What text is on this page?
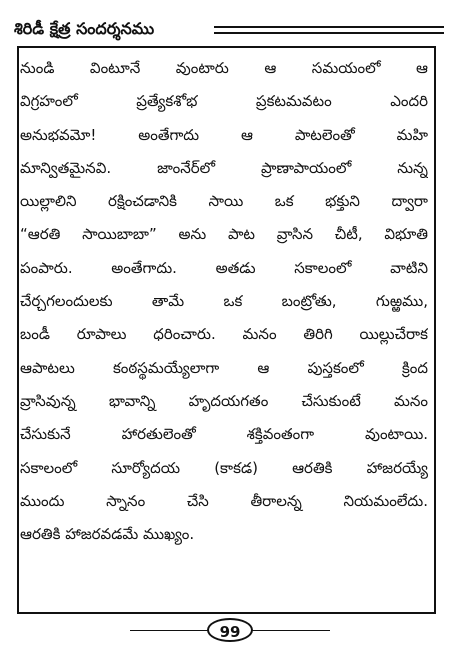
శిరిడీ క్షేత్ర సందర్శనము
నుండి వింటూనే వుంటారు ఆ సమయంలో ఆ
విగ్రహంలో ప్రత్యేకశోభ ప్రకటమవటం ఎందరి
అనుభవమో! అంతేగాదు ఆ పాటలెంతో మహి
మాన్వితమైనవి. జాంనేర్‌లో ప్రాణాపాయంలో నున్న
యిల్లాలిని రక్షించడానికి సాయి ఒక భక్తుని ద్వారా
“ఆరతి సాయిబాబా” అను పాట వ్రాసిన చీటీ, విభూతి
పంపారు. అంతేగాదు. అతడు సకాలంలో వాటిని
చేర్చగలందులకు తామే ఒక బంట్రోతు, గుఱ్ఱము,
బండీ రూపాలు ధరించారు. మనం తిరిగి యిల్లుచేరాక
ఆపాటలు కంఠస్థమయ్యేలాగా ఆ పుస్తకంలో క్రింద
వ్రాసివున్న భావాన్ని హృదయగతం చేసుకుంటే మనం
చేసుకునే హారతులెంతో శక్తివంతంగా వుంటాయి.
సకాలంలో సూర్యోదయ (కాకడ) ఆరతికి హాజరయ్యే
ముందు స్నానం చేసి తీరాలన్న నియమంలేదు.
ఆరతికి హాజరవడమే ముఖ్యం.
99
